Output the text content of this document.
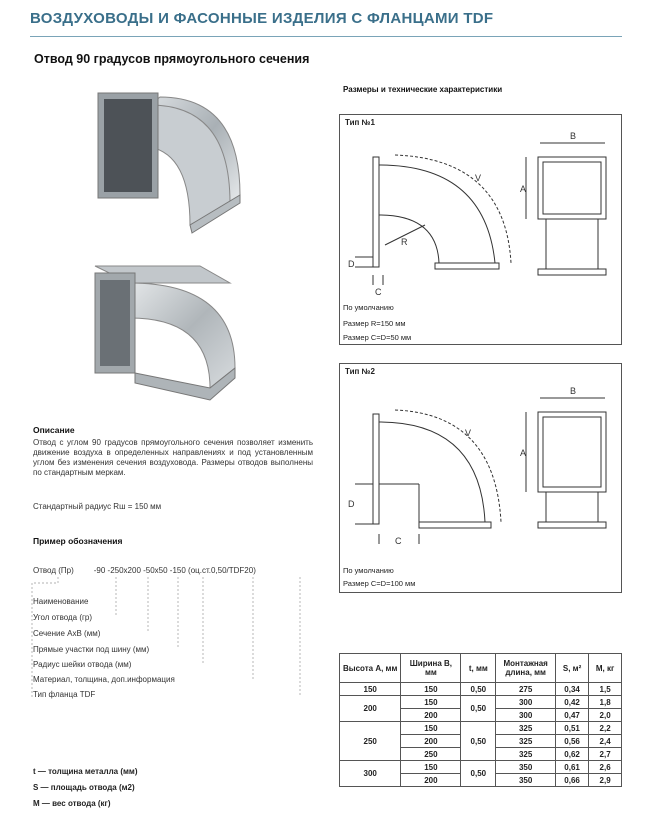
ВОЗДУХОВОДЫ И ФАСОННЫЕ ИЗДЕЛИЯ С ФЛАНЦАМИ TDF
Отвод 90 градусов прямоугольного сечения
Размеры и технические характеристики
Тип №1
V
R
D
C
B
A
По умолчанию
Размер R=150 мм
Размер C=D=50 мм
Тип №2
V
D
C
B
A
По умолчанию
Размер C=D=100 мм
Описание
Отвод с углом 90 градусов прямоугольного сечения позволяет изменить движение воздуха в определенных направлениях и под установленным углом без изменения сечения воздуховода. Размеры отводов выполнены по стандартным меркам.
Стандартный радиус Rш = 150 мм
Пример обозначения
Отвод (Пр)         -90 -250х200 -50х50 -150 (оц.ст.0,50/TDF20)
Наименование
Угол отвода (гр)
Сечение АхВ (мм)
Прямые участки под шину (мм)
Радиус шейки отвода (мм)
Материал, толщина, доп.информация
Тип фланца TDF
t — толщина металла (мм)
S — площадь отвода (м2)
M — вес отвода (кг)
Высота А, мм	Ширина В, мм	t, мм	Монтажная длина, мм	S, м²	М, кг
150	150	0,50	275	0,34	1,5
200	150	0,50	300	0,42	1,8
	200		300	0,47	2,0
250	150	0,50	325	0,51	2,2
	200		325	0,56	2,4
	250		325	0,62	2,7
300	150	0,50	350	0,61	2,6
	200		350	0,66	2,9
